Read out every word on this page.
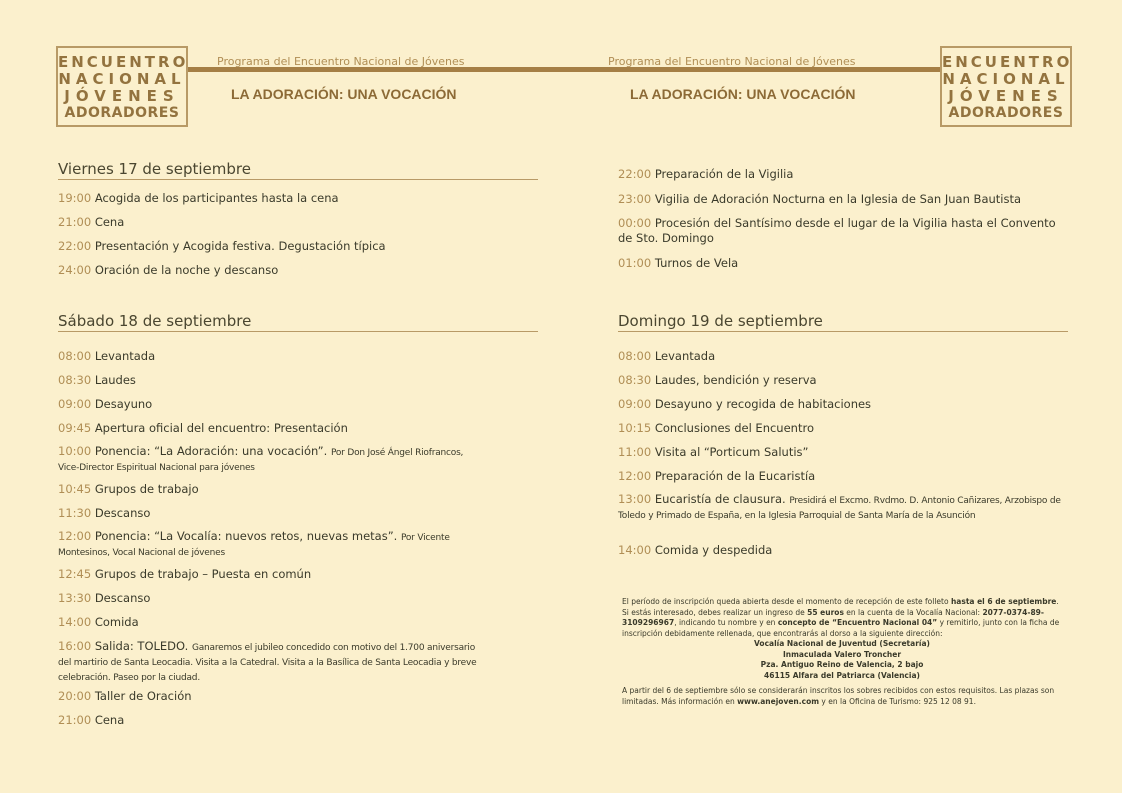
ENCUENTRO
NACIONAL
JÓVENES
ADORADORES
ENCUENTRO
NACIONAL
JÓVENES
ADORADORES
Programa del Encuentro Nacional de Jóvenes	Programa del Encuentro Nacional de Jóvenes
LA ADORACIÓN: UNA VOCACIÓN	LA ADORACIÓN: UNA VOCACIÓN
Viernes 17 de septiembre
19:00 Acogida de los participantes hasta la cena
21:00 Cena
22:00 Presentación y Acogida festiva. Degustación típica
24:00 Oración de la noche y descanso
22:00 Preparación de la Vigilia
23:00 Vigilia de Adoración Nocturna en la Iglesia de San Juan Bautista
00:00 Procesión del Santísimo desde el lugar de la Vigilia hasta el Convento de Sto. Domingo
01:00 Turnos de Vela
Sábado 18 de septiembre
08:00 Levantada
08:30 Laudes
09:00 Desayuno
09:45 Apertura oficial del encuentro: Presentación
10:00 Ponencia: “La Adoración: una vocación”. Por Don José Ángel Riofrancos, Vice-Director Espiritual Nacional para jóvenes
10:45 Grupos de trabajo
11:30 Descanso
12:00 Ponencia: “La Vocalía: nuevos retos, nuevas metas”. Por Vicente Montesinos, Vocal Nacional de jóvenes
12:45 Grupos de trabajo – Puesta en común
13:30 Descanso
14:00 Comida
16:00 Salida: TOLEDO. Ganaremos el jubileo concedido con motivo del 1.700 aniversario del martirio de Santa Leocadia. Visita a la Catedral. Visita a la Basílica de Santa Leocadia y breve celebración. Paseo por la ciudad.
20:00 Taller de Oración
21:00 Cena
Domingo 19 de septiembre
08:00 Levantada
08:30 Laudes, bendición y reserva
09:00 Desayuno y recogida de habitaciones
10:15 Conclusiones del Encuentro
11:00 Visita al “Porticum Salutis”
12:00 Preparación de la Eucaristía
13:00 Eucaristía de clausura. Presidirá el Excmo. Rvdmo. D. Antonio Cañizares, Arzobispo de Toledo y Primado de España, en la Iglesia Parroquial de Santa María de la Asunción
14:00 Comida y despedida

El período de inscripción queda abierta desde el momento de recepción de este folleto hasta el 6 de septiembre. Si estás interesado, debes realizar un ingreso de 55 euros en la cuenta de la Vocalía Nacional: 2077-0374-89-3109296967, indicando tu nombre y en concepto de “Encuentro Nacional 04” y remitirlo, junto con la ficha de inscripción debidamente rellenada, que encontrarás al dorso a la siguiente dirección:

Vocalía Nacional de Juventud (Secretaría)

Inmaculada Valero Troncher

Pza. Antiguo Reino de Valencia, 2 bajo

46115 Alfara del Patriarca (Valencia)

A partir del 6 de septiembre sólo se considerarán inscritos los sobres recibidos con estos requisitos. Las plazas son limitadas. Más información en www.anejoven.com y en la Oficina de Turismo: 925 12 08 91.
